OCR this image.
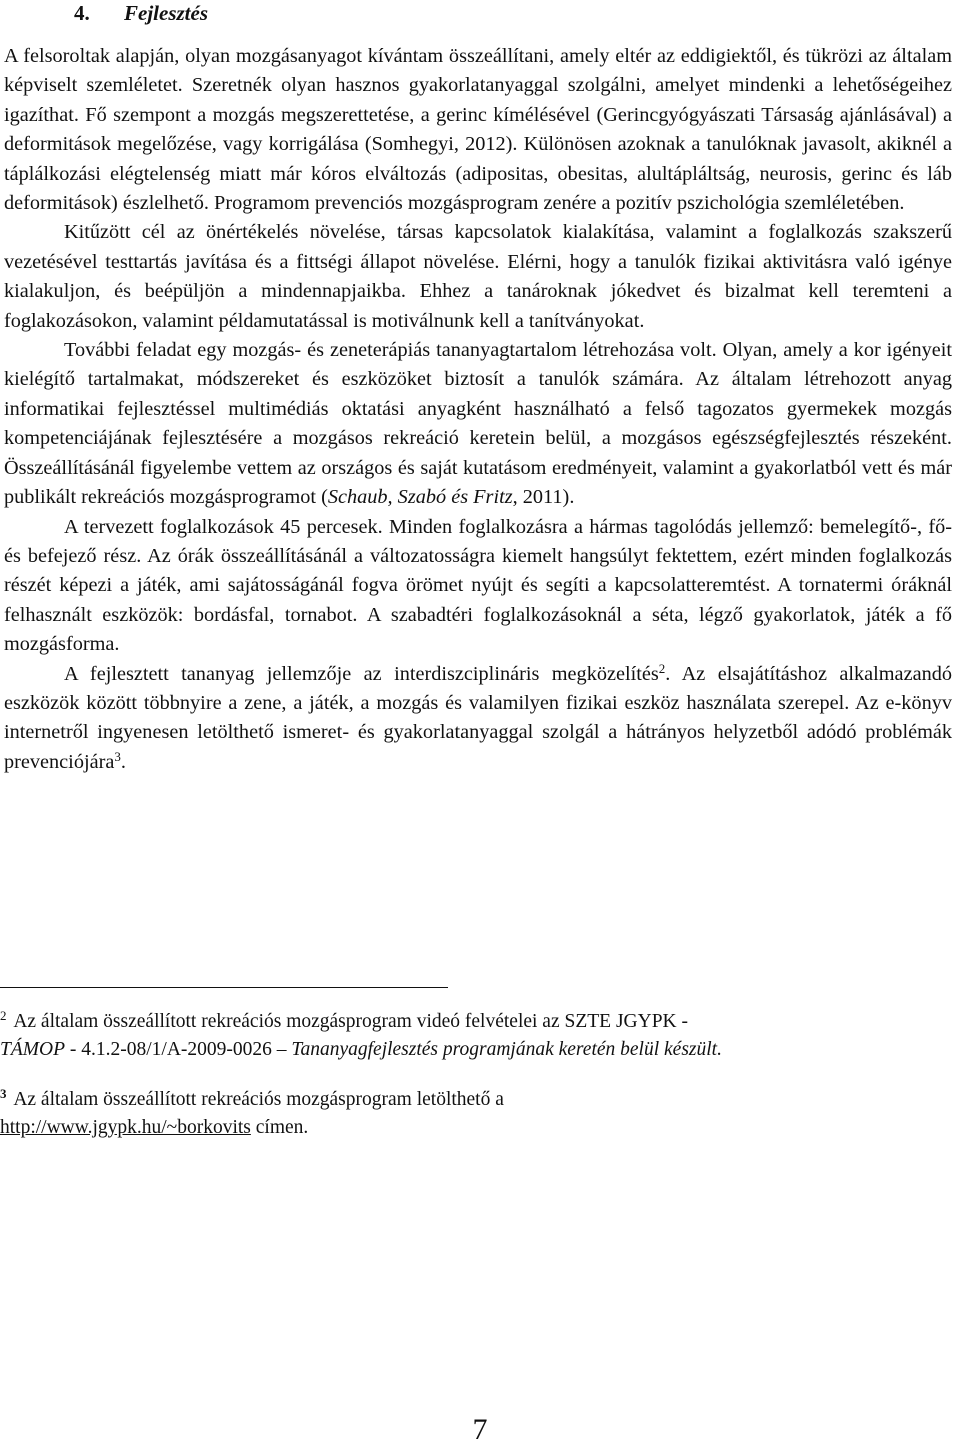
4. Fejlesztés

A felsoroltak alapján, olyan mozgásanyagot kívántam összeállítani, amely eltér az eddigiektől, és tükrözi az általam képviselt szemléletet. Szeretnék olyan hasznos gyakorlatanyaggal szolgálni, amelyet mindenki a lehetőségeihez igazíthat. Fő szempont a mozgás megszerettetése, a gerinc kímélésével (Gerincgyógyászati Társaság ajánlásával) a deformitások megelőzése, vagy korrigálása (Somhegyi, 2012). Különösen azoknak a tanulóknak javasolt, akiknél a táplálkozási elégtelenség miatt már kóros elváltozás (adipositas, obesitas, alultápláltság, neurosis, gerinc és láb deformitások) észlelhető. Programom prevenciós mozgásprogram zenére a pozitív pszichológia szemléletében.

Kitűzött cél az önértékelés növelése, társas kapcsolatok kialakítása, valamint a foglalkozás szakszerű vezetésével testtartás javítása és a fittségi állapot növelése. Elérni, hogy a tanulók fizikai aktivitásra való igénye kialakuljon, és beépüljön a mindennapjaikba. Ehhez a tanároknak jókedvet és bizalmat kell teremteni a foglakozásokon, valamint példamutatással is motiválnunk kell a tanítványokat.

További feladat egy mozgás- és zeneterápiás tananyagtartalom létrehozása volt. Olyan, amely a kor igényeit kielégítő tartalmakat, módszereket és eszközöket biztosít a tanulók számára. Az általam létrehozott anyag informatikai fejlesztéssel multimédiás oktatási anyagként használható a felső tagozatos gyermekek mozgás kompetenciájának fejlesztésére a mozgásos rekreáció keretein belül, a mozgásos egészségfejlesztés részeként. Összeállításánál figyelembe vettem az országos és saját kutatásom eredményeit, valamint a gyakorlatból vett és már publikált rekreációs mozgásprogramot (Schaub, Szabó és Fritz, 2011).

A tervezett foglalkozások 45 percesek. Minden foglalkozásra a hármas tagolódás jellemző: bemelegítő-, fő- és befejező rész. Az órák összeállításánál a változatosságra kiemelt hangsúlyt fektettem, ezért minden foglalkozás részét képezi a játék, ami sajátosságánál fogva örömet nyújt és segíti a kapcsolatteremtést. A tornatermi óráknál felhasznált eszközök: bordásfal, tornabot. A szabadtéri foglalkozásoknál a séta, légző gyakorlatok, játék a fő mozgásforma.

A fejlesztett tananyag jellemzője az interdiszciplináris megközelítés$^2$. Az elsajátításhoz alkalmazandó eszközök között többnyire a zene, a játék, a mozgás és valamilyen fizikai eszköz használata szerepel. Az e-könyv internetről ingyenesen letölthető ismeret- és gyakorlatanyaggal szolgál a hátrányos helyzetből adódó problémák prevenciójára$^3$.

$^2$ Az általam összeállított rekreációs mozgásprogram videó felvételei az SZTE JGYPK -
TÁMOP - 4.1.2-08/1/A-2009-0026 – Tananyagfejlesztés programjának keretén belül készült.
$^3$ Az általam összeállított rekreációs mozgásprogram letölthető a
http://www.jgypk.hu/~borkovits címen.
7
